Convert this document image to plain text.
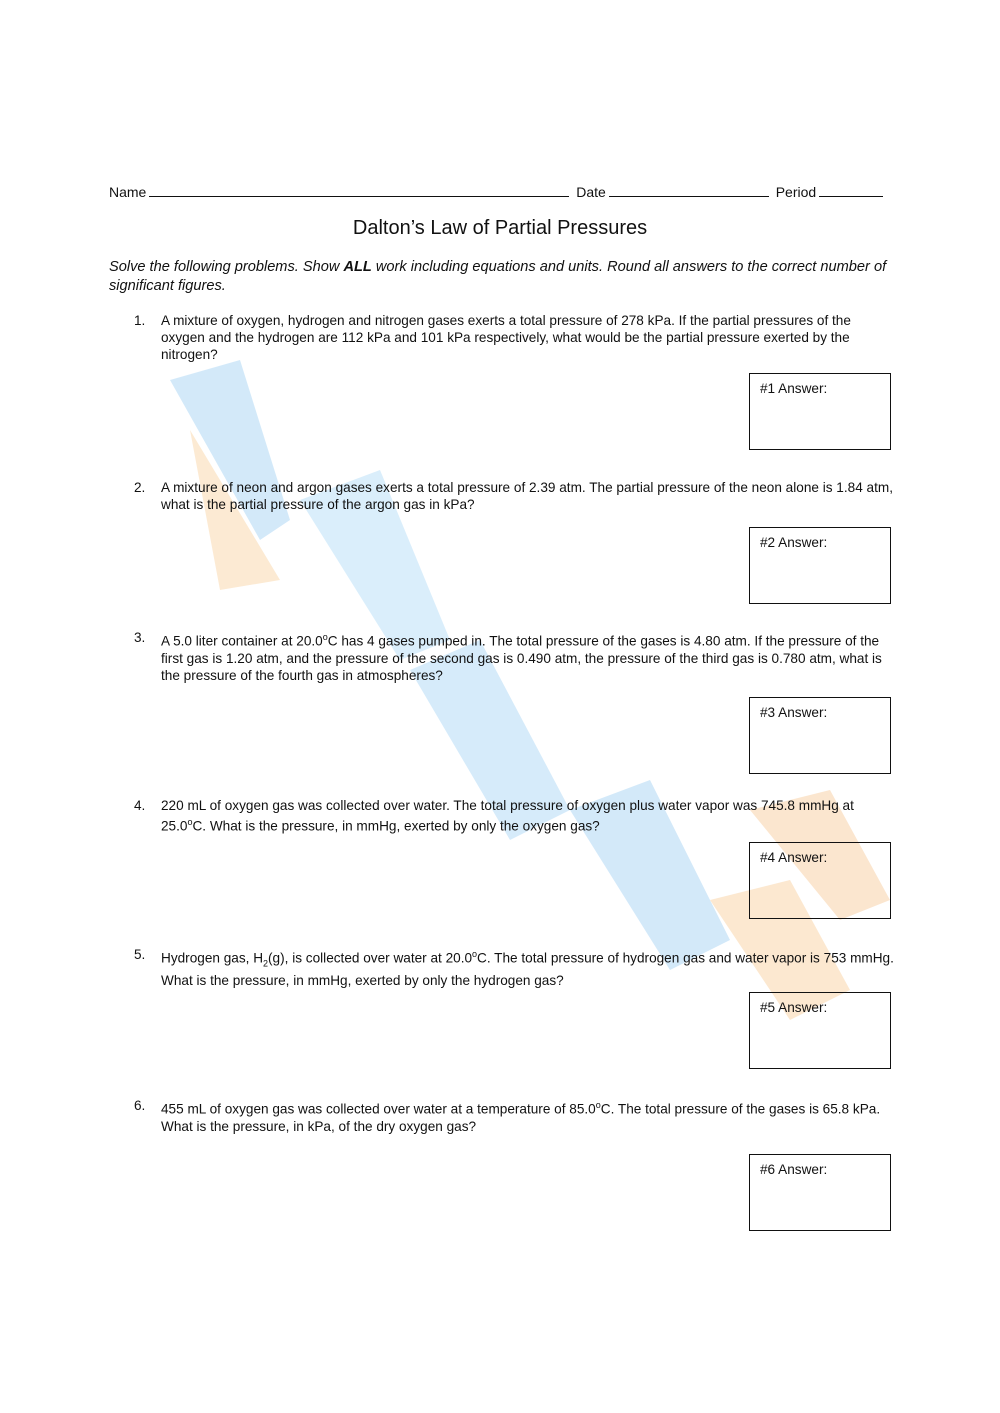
Name	Date	Period
Dalton’s Law of Partial Pressures
Solve the following problems. Show ALL work including equations and units. Round all answers to the correct number of significant figures.
1.	A mixture of oxygen, hydrogen and nitrogen gases exerts a total pressure of 278 kPa. If the partial pressures of the oxygen and the hydrogen are 112 kPa and 101 kPa respectively, what would be the partial pressure exerted by the nitrogen?
#1 Answer:
2.	A mixture of neon and argon gases exerts a total pressure of 2.39 atm. The partial pressure of the neon alone is 1.84 atm, what is the partial pressure of the argon gas in kPa?
#2 Answer:
3.	A 5.0 liter container at 20.0$^o$C has 4 gases pumped in. The total pressure of the gases is 4.80 atm. If the pressure of the first gas is 1.20 atm, and the pressure of the second gas is 0.490 atm, the pressure of the third gas is 0.780 atm, what is the pressure of the fourth gas in atmospheres?
#3 Answer:
4.	220 mL of oxygen gas was collected over water. The total pressure of oxygen plus water vapor was 745.8 mmHg at 25.0$^o$C. What is the pressure, in mmHg, exerted by only the oxygen gas?
#4 Answer:
5.	Hydrogen gas, $H_2(g)$, is collected over water at 20.0$^o$C. The total pressure of hydrogen gas and water vapor is 753 mmHg. What is the pressure, in mmHg, exerted by only the hydrogen gas?
#5 Answer:
6.	455 mL of oxygen gas was collected over water at a temperature of 85.0$^o$C. The total pressure of the gases is 65.8 kPa. What is the pressure, in kPa, of the dry oxygen gas?
#6 Answer:
